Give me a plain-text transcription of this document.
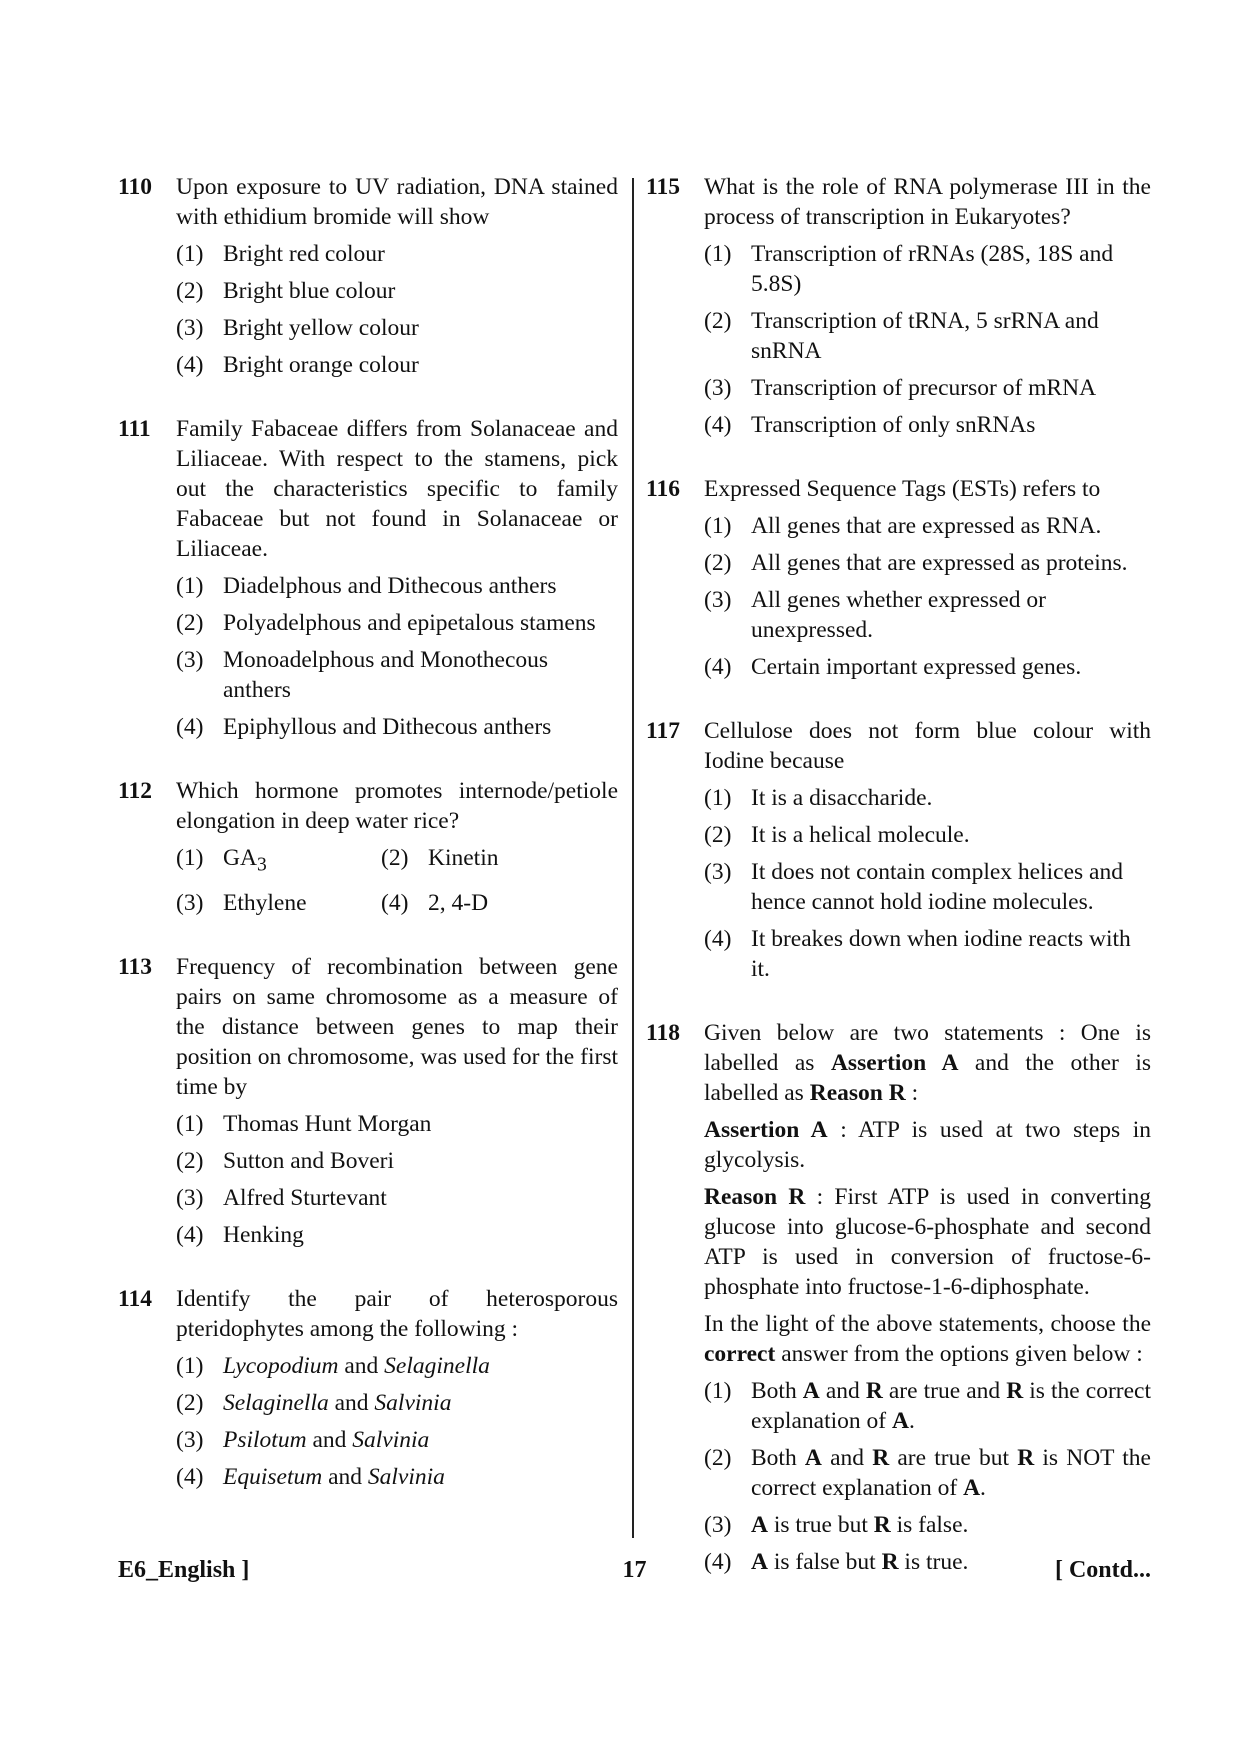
110 Upon exposure to UV radiation, DNA stained with ethidium bromide will show
(1) Bright red colour
(2) Bright blue colour
(3) Bright yellow colour
(4) Bright orange colour
111 Family Fabaceae differs from Solanaceae and Liliaceae. With respect to the stamens, pick out the characteristics specific to family Fabaceae but not found in Solanaceae or Liliaceae.
(1) Diadelphous and Dithecous anthers
(2) Polyadelphous and epipetalous stamens
(3) Monoadelphous and Monothecous anthers
(4) Epiphyllous and Dithecous anthers
112 Which hormone promotes internode/petiole elongation in deep water rice?
(1) $GA_3$	(2) Kinetin
(3) Ethylene	(4) 2, 4-D
113 Frequency of recombination between gene pairs on same chromosome as a measure of the distance between genes to map their position on chromosome, was used for the first time by
(1) Thomas Hunt Morgan
(2) Sutton and Boveri
(3) Alfred Sturtevant
(4) Henking
114 Identify the pair of heterosporous pteridophytes among the following :
(1) Lycopodium and Selaginella
(2) Selaginella and Salvinia
(3) Psilotum and Salvinia
(4) Equisetum and Salvinia
115 What is the role of RNA polymerase III in the process of transcription in Eukaryotes?
(1) Transcription of rRNAs (28S, 18S and 5.8S)
(2) Transcription of tRNA, 5 srRNA and snRNA
(3) Transcription of precursor of mRNA
(4) Transcription of only snRNAs
116 Expressed Sequence Tags (ESTs) refers to
(1) All genes that are expressed as RNA.
(2) All genes that are expressed as proteins.
(3) All genes whether expressed or unexpressed.
(4) Certain important expressed genes.
117 Cellulose does not form blue colour with Iodine because
(1) It is a disaccharide.
(2) It is a helical molecule.
(3) It does not contain complex helices and hence cannot hold iodine molecules.
(4) It breakes down when iodine reacts with it.
118 Given below are two statements : One is labelled as Assertion A and the other is labelled as Reason R :
Assertion A : ATP is used at two steps in glycolysis.
Reason R : First ATP is used in converting glucose into glucose-6-phosphate and second ATP is used in conversion of fructose-6-phosphate into fructose-1-6-diphosphate.
In the light of the above statements, choose the correct answer from the options given below :
(1) Both A and R are true and R is the correct explanation of A.
(2) Both A and R are true but R is NOT the correct explanation of A.
(3) A is true but R is false.
(4) A is false but R is true.
E6_English ]	17	[ Contd...
